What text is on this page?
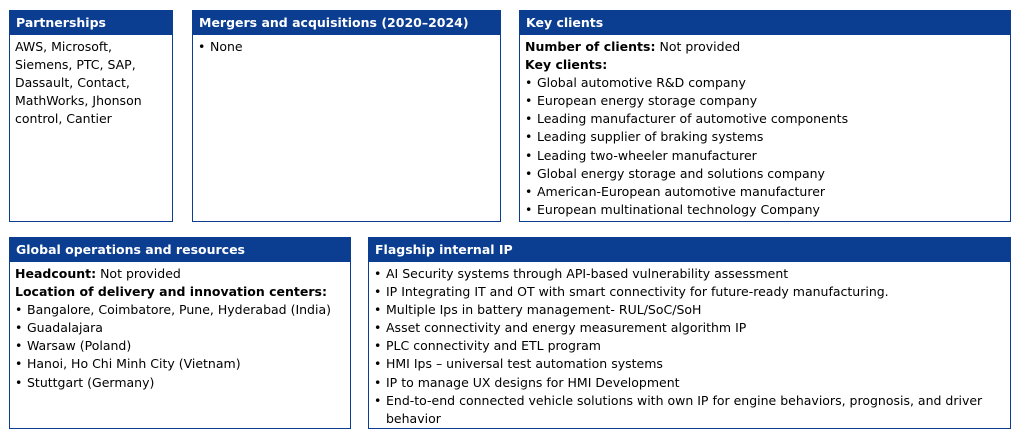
Partnerships

AWS, Microsoft, Siemens, PTC, SAP, Dassault, Contact, MathWorks, Jhonson control, Cantier

Mergers and acquisitions (2020–2024)
• None
Key clients
Number of clients: Not provided
Key clients:
• Global automotive R&D company
• European energy storage company
• Leading manufacturer of automotive components
• Leading supplier of braking systems
• Leading two-wheeler manufacturer
• Global energy storage and solutions company
• American-European automotive manufacturer
• European multinational technology Company
Global operations and resources
Headcount: Not provided
Location of delivery and innovation centers:
• Bangalore, Coimbatore, Pune, Hyderabad (India)
• Guadalajara
• Warsaw (Poland)
• Hanoi, Ho Chi Minh City (Vietnam)
• Stuttgart (Germany)
Flagship internal IP
• AI Security systems through API-based vulnerability assessment
• IP Integrating IT and OT with smart connectivity for future-ready manufacturing.
• Multiple Ips in battery management- RUL/SoC/SoH
• Asset connectivity and energy measurement algorithm IP
• PLC connectivity and ETL program
• HMI Ips – universal test automation systems
• IP to manage UX designs for HMI Development
• End-to-end connected vehicle solutions with own IP for engine behaviors, prognosis, and driver behavior
